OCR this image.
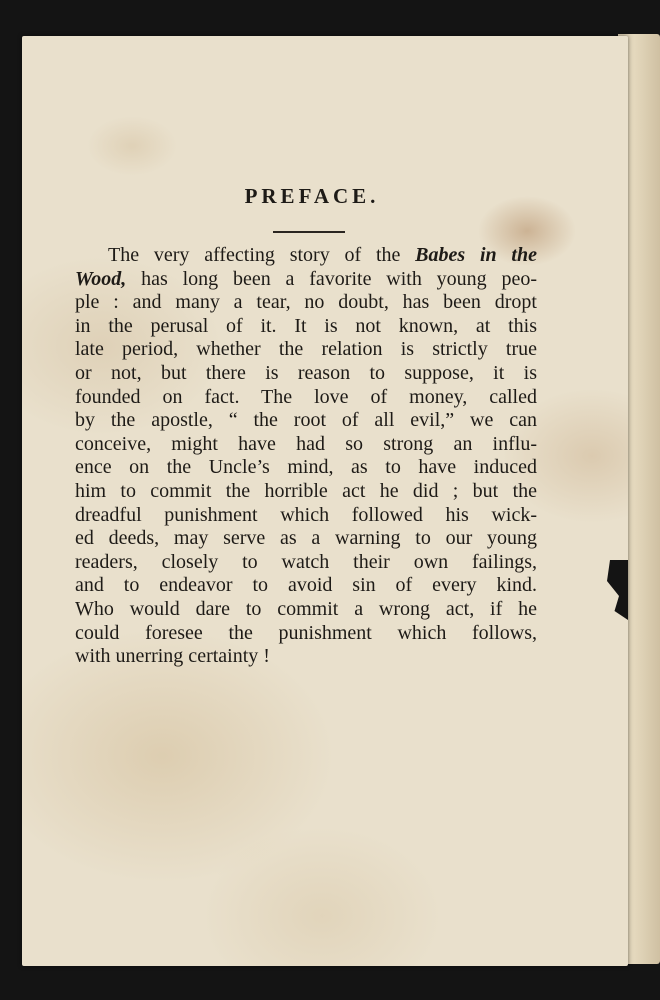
PREFACE.
The very affecting story of the Babes in the
Wood, has long been a favorite with young peo-
ple : and many a tear, no doubt, has been dropt
in the perusal of it. It is not known, at this
late period, whether the relation is strictly true
or not, but there is reason to suppose, it is
founded on fact. The love of money, called
by the apostle, “ the root of all evil,” we can
conceive, might have had so strong an influ-
ence on the Uncle’s mind, as to have induced
him to commit the horrible act he did ; but the
dreadful punishment which followed his wick-
ed deeds, may serve as a warning to our young
readers, closely to watch their own failings,
and to endeavor to avoid sin of every kind.
Who would dare to commit a wrong act, if he
could foresee the punishment which follows,
with unerring certainty !
